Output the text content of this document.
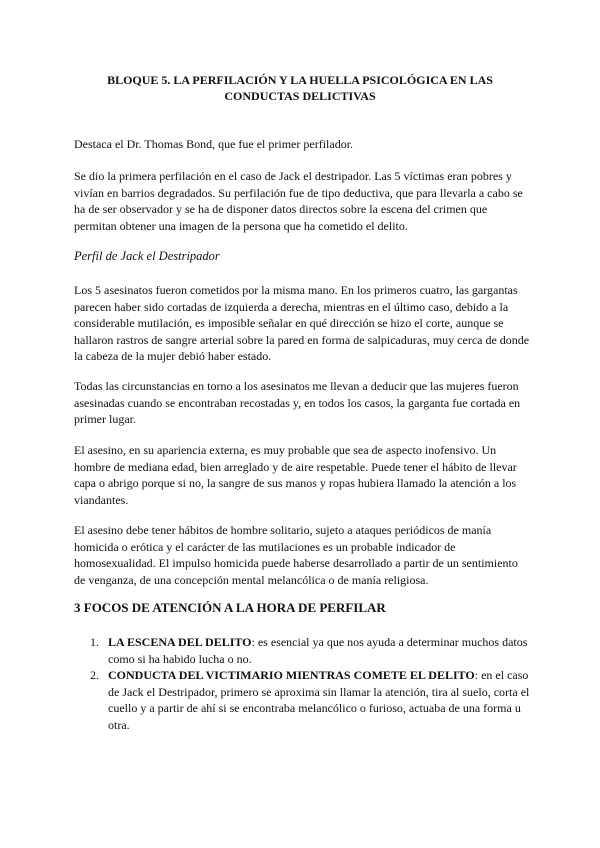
BLOQUE 5. LA PERFILACIÓN Y LA HUELLA PSICOLÓGICA EN LAS CONDUCTAS DELICTIVAS

Destaca el Dr. Thomas Bond, que fue el primer perfilador.

Se dio la primera perfilación en el caso de Jack el destripador. Las 5 víctimas eran pobres y vivían en barrios degradados. Su perfilación fue de tipo deductiva, que para llevarla a cabo se ha de ser observador y se ha de disponer datos directos sobre la escena del crimen que permitan obtener una imagen de la persona que ha cometido el delito.

Perfil de Jack el Destripador

Los 5 asesinatos fueron cometidos por la misma mano. En los primeros cuatro, las gargantas parecen haber sido cortadas de izquierda a derecha, mientras en el último caso, debido a la considerable mutilación, es imposible señalar en qué dirección se hizo el corte, aunque se hallaron rastros de sangre arterial sobre la pared en forma de salpicaduras, muy cerca de donde la cabeza de la mujer debió haber estado.

Todas las circunstancias en torno a los asesinatos me llevan a deducir que las mujeres fueron asesinadas cuando se encontraban recostadas y, en todos los casos, la garganta fue cortada en primer lugar.

El asesino, en su apariencia externa, es muy probable que sea de aspecto inofensivo. Un hombre de mediana edad, bien arreglado y de aire respetable. Puede tener el hábito de llevar capa o abrigo porque si no, la sangre de sus manos y ropas hubiera llamado la atención a los viandantes.

El asesino debe tener hábitos de hombre solitario, sujeto a ataques periódicos de manía homicida o erótica y el carácter de las mutilaciones es un probable indicador de homosexualidad. El impulso homicida puede haberse desarrollado a partir de un sentimiento de venganza, de una concepción mental melancólica o de manía religiosa.

3 FOCOS DE ATENCIÓN A LA HORA DE PERFILAR
1. LA ESCENA DEL DELITO: es esencial ya que nos ayuda a determinar muchos datos como si ha habido lucha o no.
2. CONDUCTA DEL VICTIMARIO MIENTRAS COMETE EL DELITO: en el caso de Jack el Destripador, primero se aproxima sin llamar la atención, tira al suelo, corta el cuello y a partir de ahí si se encontraba melancólico o furioso, actuaba de una forma u otra.
